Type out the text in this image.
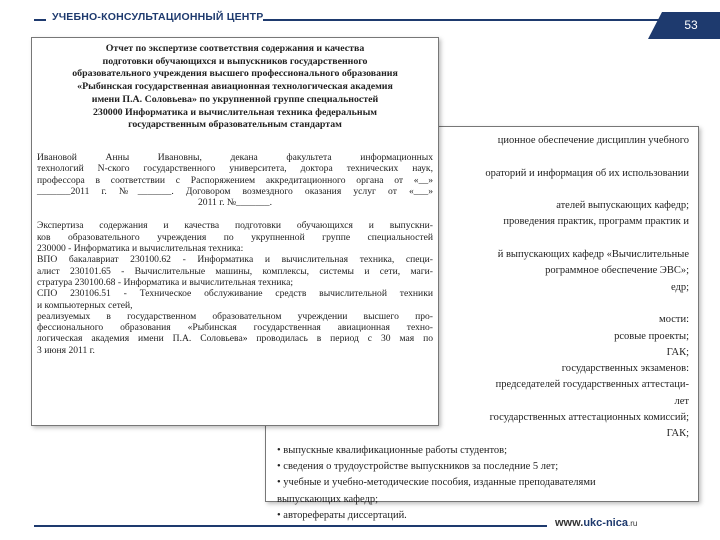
УЧЕБНО-КОНСУЛЬТАЦИОННЫЙ ЦЕНТР
53
ционное обеспечение дисциплин учебного
ораторий и информация об их использовании
ателей выпускающих кафедр;
проведения практик, программ практик и
й выпускающих кафедр «Вычислительные
рограммное обеспечение ЭВС»;
едр;
мости:
рсовые проекты;
ГАК;
государственных экзаменов:
председателей государственных аттестаци-
лет
государственных аттестационных комиссий;
ГАК;
• выпускные квалификационные работы студентов;
• сведения о трудоустройстве выпускников за последние 5 лет;
• учебные и учебно-методические пособия, изданные преподавателями
выпускающих кафедр;
• авторефераты диссертаций.
Отчет по экспертизе соответствия содержания и качества
подготовки обучающихся и выпускников государственного
образовательного учреждения высшего профессионального образования
«Рыбинская государственная авиационная технологическая академия
имени П.А. Соловьева» по укрупненной группе специальностей
230000 Информатика и вычислительная техника федеральным
государственным образовательным стандартам
Ивановой Анны Ивановны, декана факультета информационных
технологий N-ского государственного университета, доктора технических наук,
профессора в соответствии с Распоряжением аккредитационного органа от «__»
_______2011 г. №_______. Договором возмездного оказания услуг от «___»
2011 г. №_______.
Экспертиза содержания и качества подготовки обучающихся и выпускни-
ков образовательного учреждения по укрупненной группе специальностей
230000 - Информатика и вычислительная техника:
ВПО бакалавриат 230100.62 - Информатика и вычислительная техника, специ-
алист 230101.65 - Вычислительные машины, комплексы, системы и сети, маги-
стратура 230100.68 - Информатика и вычислительная техника;
СПО 230106.51 - Техническое обслуживание средств вычислительной техники
и компьютерных сетей,
реализуемых в государственном образовательном учреждении высшего про-
фессионального образования «Рыбинская государственная авиационная техно-
логическая академия имени П.А. Соловьева» проводилась в период с 30 мая по
3 июня 2011 г.
www.ukc-nica.ru
